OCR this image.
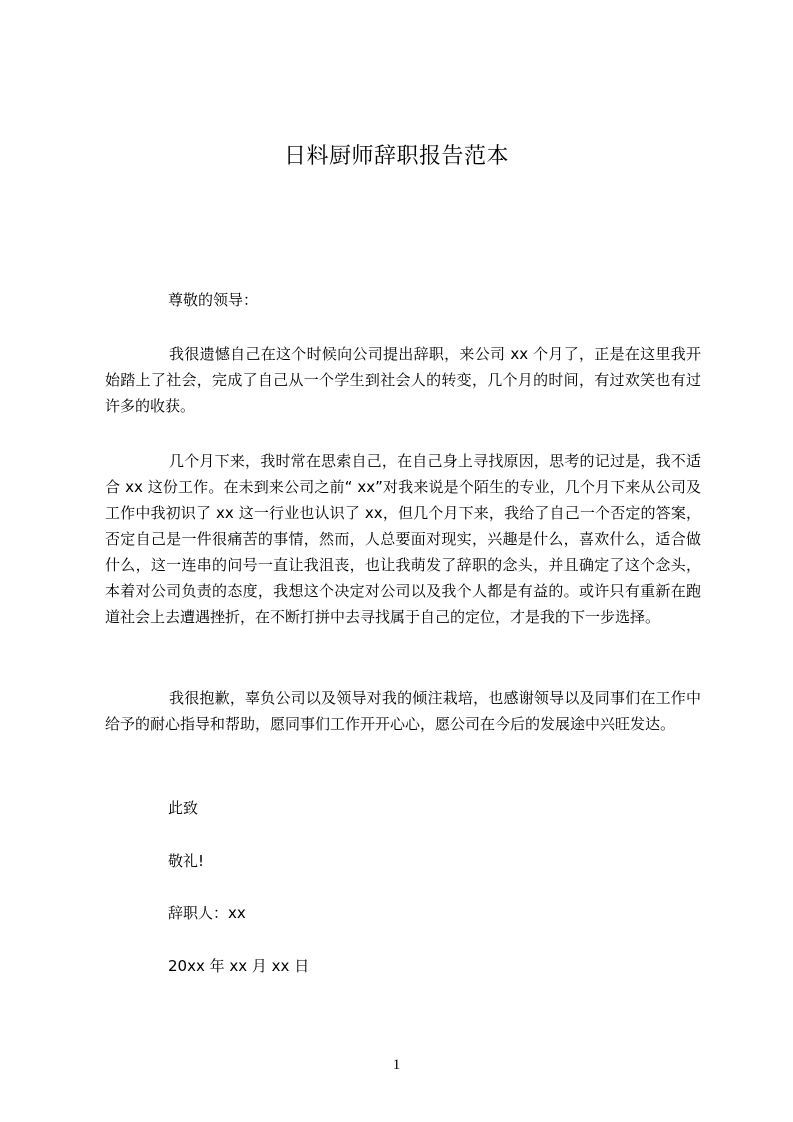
日料厨师辞职报告范本
尊敬的领导：
我很遗憾自己在这个时候向公司提出辞职，来公司 xx 个月了，正是在这里我开始踏上了社会，完成了自己从一个学生到社会人的转变，几个月的时间，有过欢笑也有过许多的收获。
几个月下来，我时常在思索自己，在自己身上寻找原因，思考的记过是，我不适合 xx 这份工作。在未到来公司之前“ xx”对我来说是个陌生的专业，几个月下来从公司及工作中我初识了 xx 这一行业也认识了 xx，但几个月下来，我给了自己一个否定的答案，否定自己是一件很痛苦的事情，然而，人总要面对现实，兴趣是什么，喜欢什么，适合做什么，这一连串的问号一直让我沮丧，也让我萌发了辞职的念头，并且确定了这个念头，本着对公司负责的态度，我想这个决定对公司以及我个人都是有益的。或许只有重新在跑道社会上去遭遇挫折，在不断打拼中去寻找属于自己的定位，才是我的下一步选择。
我很抱歉，辜负公司以及领导对我的倾注栽培，也感谢领导以及同事们在工作中给予的耐心指导和帮助，愿同事们工作开开心心，愿公司在今后的发展途中兴旺发达。
此致
敬礼!
辞职人：xx
20xx 年 xx 月 xx 日
1
